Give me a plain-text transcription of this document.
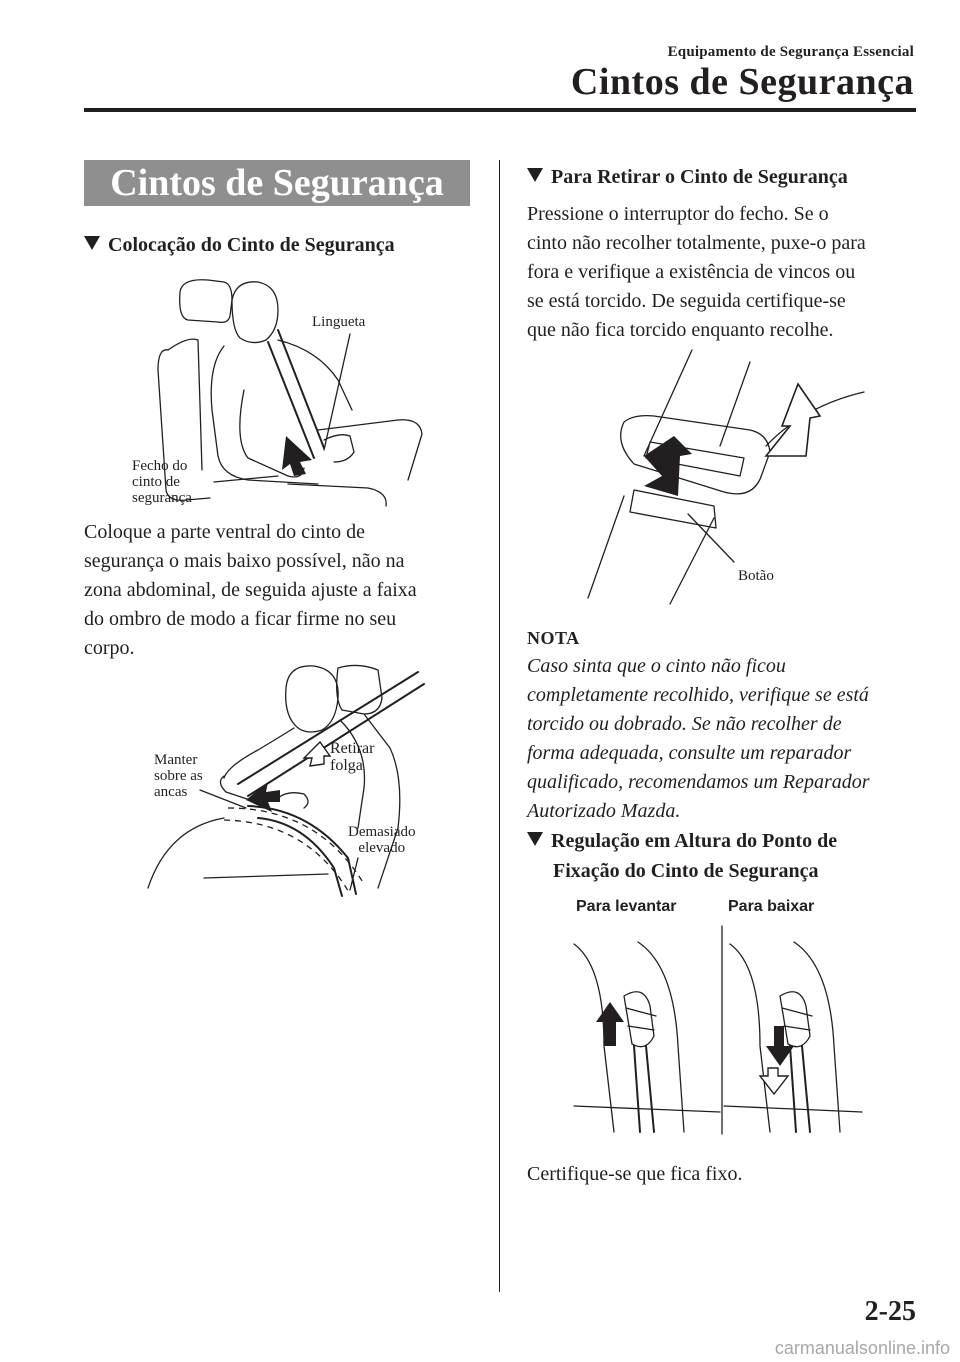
Equipamento de Segurança Essencial
Cintos de Segurança
Cintos de Segurança
Colocação do Cinto de Segurança
Lingueta
Fecho do
cinto de
segurança
Coloque a parte ventral do cinto de
segurança o mais baixo possível, não na
zona abdominal, de seguida ajuste a faixa
do ombro de modo a ficar firme no seu
corpo.
Manter
sobre as
ancas
Retirar
folga
Demasiado
elevado
Para Retirar o Cinto de Segurança
Pressione o interruptor do fecho. Se o
cinto não recolher totalmente, puxe-o para
fora e verifique a existência de vincos ou
se está torcido. De seguida certifique-se
que não fica torcido enquanto recolhe.
Botão
NOTA
Caso sinta que o cinto não ficou
completamente recolhido, verifique se está
torcido ou dobrado. Se não recolher de
forma adequada, consulte um reparador
qualificado, recomendamos um Reparador
Autorizado Mazda.
Regulação em Altura do Ponto de
Fixação do Cinto de Segurança
Para levantar	Para baixar
Certifique-se que fica fixo.
2-25
carmanualsonline.info
